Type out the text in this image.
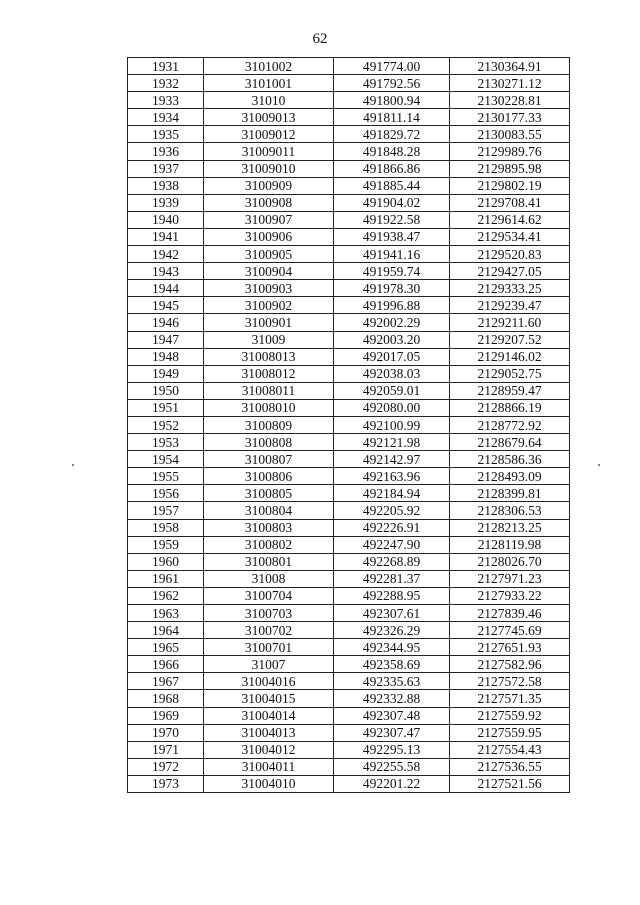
62
1931	3101002	491774.00	2130364.91
1932	3101001	491792.56	2130271.12
1933	31010	491800.94	2130228.81
1934	31009013	491811.14	2130177.33
1935	31009012	491829.72	2130083.55
1936	31009011	491848.28	2129989.76
1937	31009010	491866.86	2129895.98
1938	3100909	491885.44	2129802.19
1939	3100908	491904.02	2129708.41
1940	3100907	491922.58	2129614.62
1941	3100906	491938.47	2129534.41
1942	3100905	491941.16	2129520.83
1943	3100904	491959.74	2129427.05
1944	3100903	491978.30	2129333.25
1945	3100902	491996.88	2129239.47
1946	3100901	492002.29	2129211.60
1947	31009	492003.20	2129207.52
1948	31008013	492017.05	2129146.02
1949	31008012	492038.03	2129052.75
1950	31008011	492059.01	2128959.47
1951	31008010	492080.00	2128866.19
1952	3100809	492100.99	2128772.92
1953	3100808	492121.98	2128679.64
1954	3100807	492142.97	2128586.36
1955	3100806	492163.96	2128493.09
1956	3100805	492184.94	2128399.81
1957	3100804	492205.92	2128306.53
1958	3100803	492226.91	2128213.25
1959	3100802	492247.90	2128119.98
1960	3100801	492268.89	2128026.70
1961	31008	492281.37	2127971.23
1962	3100704	492288.95	2127933.22
1963	3100703	492307.61	2127839.46
1964	3100702	492326.29	2127745.69
1965	3100701	492344.95	2127651.93
1966	31007	492358.69	2127582.96
1967	31004016	492335.63	2127572.58
1968	31004015	492332.88	2127571.35
1969	31004014	492307.48	2127559.92
1970	31004013	492307.47	2127559.95
1971	31004012	492295.13	2127554.43
1972	31004011	492255.58	2127536.55
1973	31004010	492201.22	2127521.56
